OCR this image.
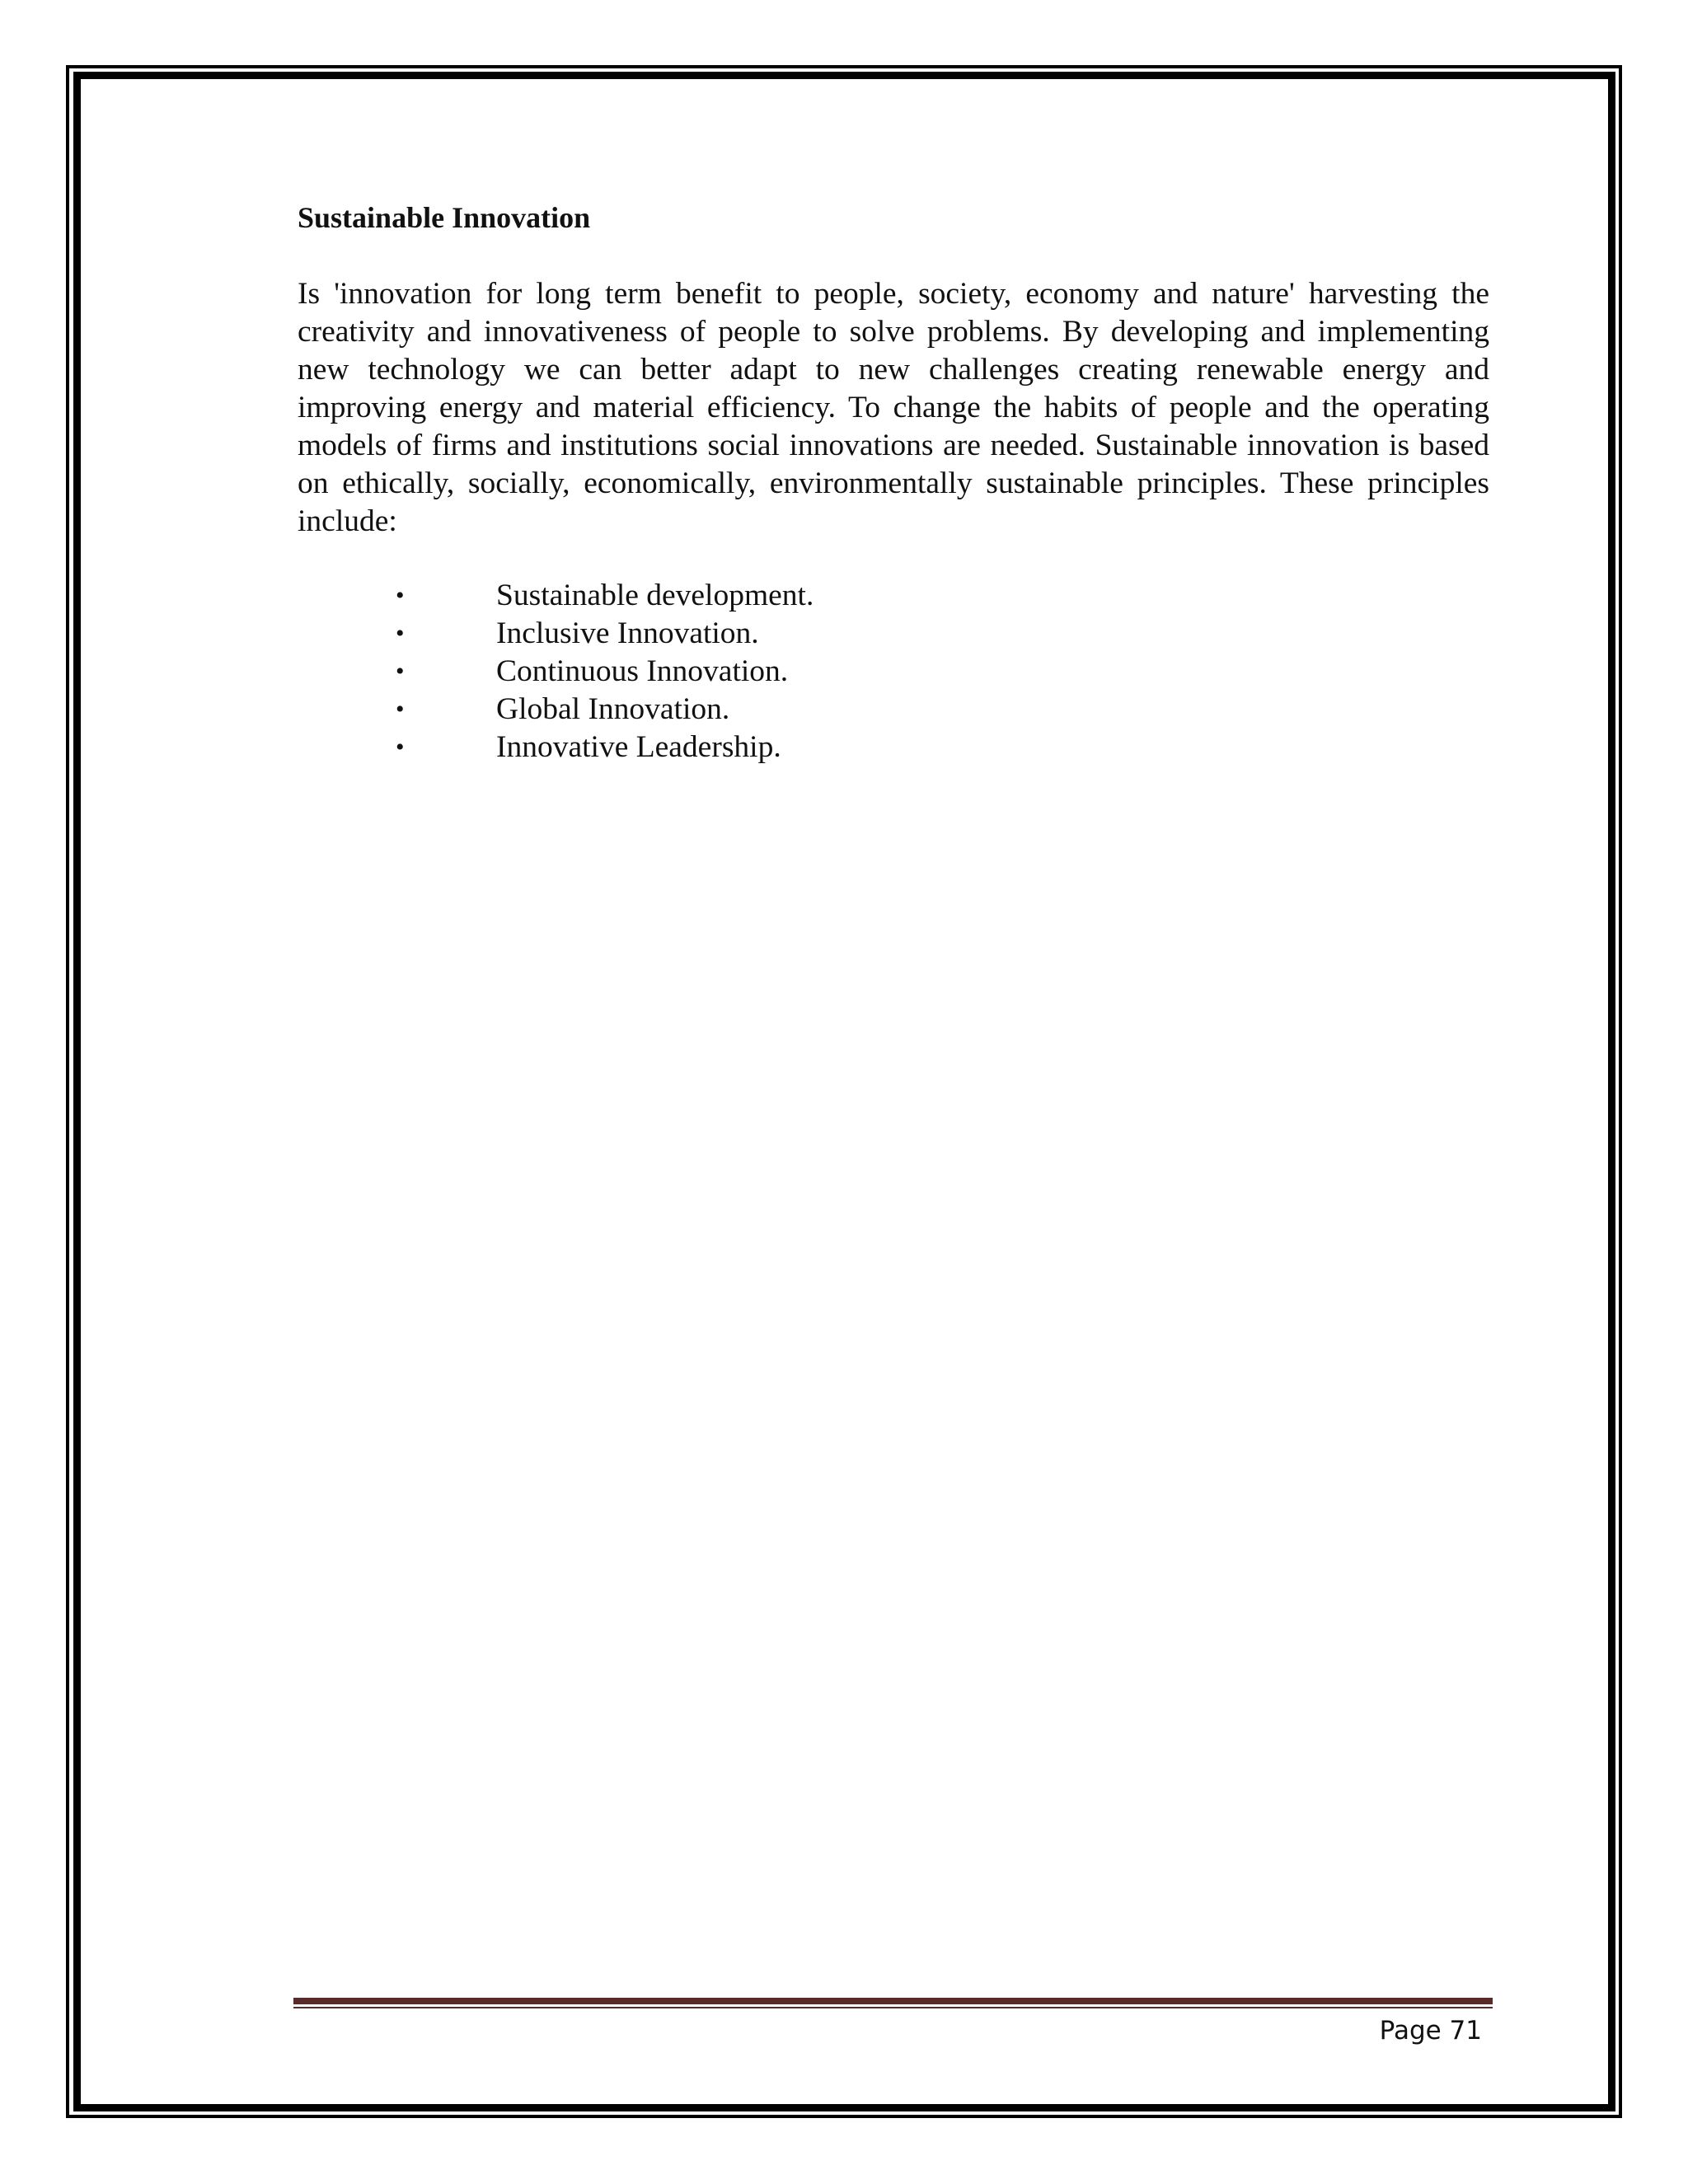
Sustainable Innovation

Is 'innovation for long term benefit to people, society, economy and nature' harvesting the creativity and innovativeness of people to solve problems. By developing and implementing new technology we can better adapt to new challenges creating renewable energy and improving energy and material efficiency. To change the habits of people and the operating models of firms and institutions social innovations are needed. Sustainable innovation is based on ethically, socially, economically, environmentally sustainable principles. These principles include:

•	Sustainable development.
•	Inclusive Innovation.
•	Continuous Innovation.
•	Global Innovation.
•	Innovative Leadership.
Page 71
